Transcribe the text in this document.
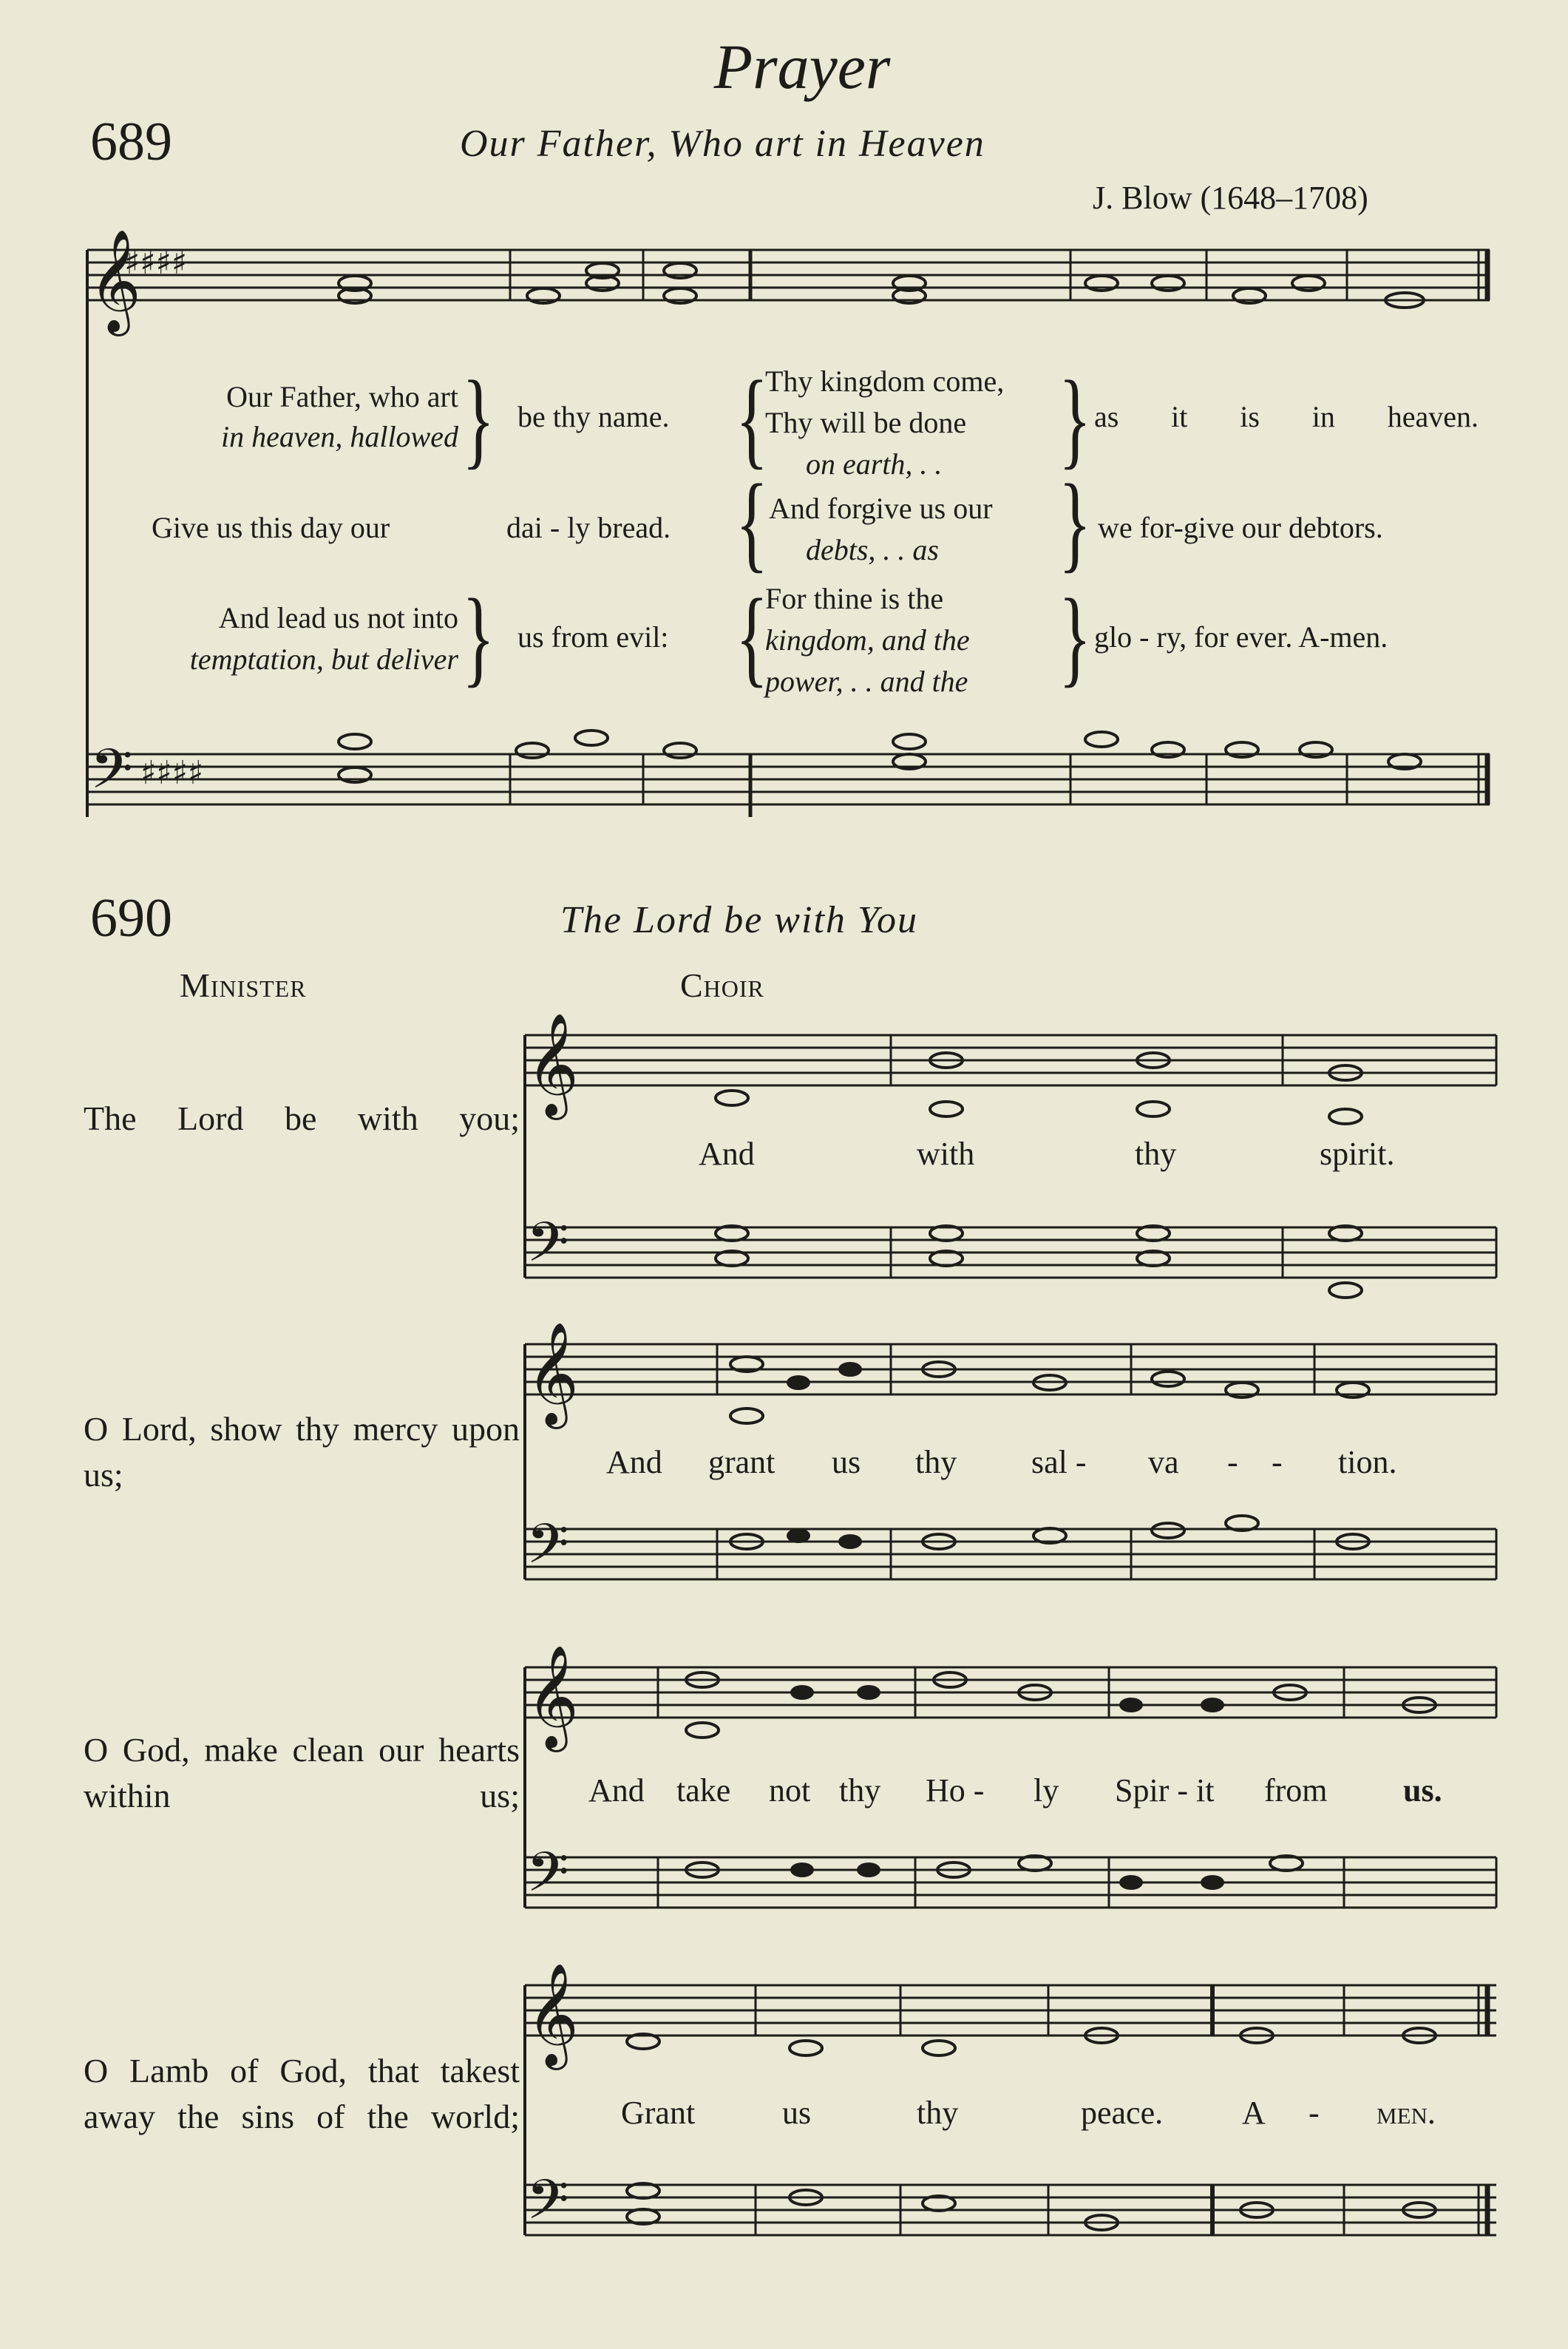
𝄞
♯♯♯♯
𝄢 ♯♯♯♯
𝄞
𝄢
𝄞
𝄢
𝄞
𝄢
𝄞
𝄢
Prayer
689	Our Father, Who art in Heaven
J. Blow (1648–1708)
Our Father, who art
in heaven, hallowed } be thy name. {
Thy kingdom come,
Thy will be done
on earth, . .	} as it is in heaven.
Give us this day our	dai - ly bread. { And forgive us our
debts, . . as	} we for-give our debtors.
And lead us not into
temptation, but deliver } us from evil: {
For thine is the
kingdom, and the
power, . . and the } glo - ry, for ever. A-men.
690	The Lord be with You
Minister	Choir
The Lord be with you;
And	with	thy	spirit.
O Lord, show thy mercy upon us;	And grant us thy sal - va - - tion.
O God, make clean our hearts within us; And take not thy Ho - ly Spir - it from us.
O Lamb of God, that takest away the sins of the world;	Grant	us	thy	peace. A - men.
